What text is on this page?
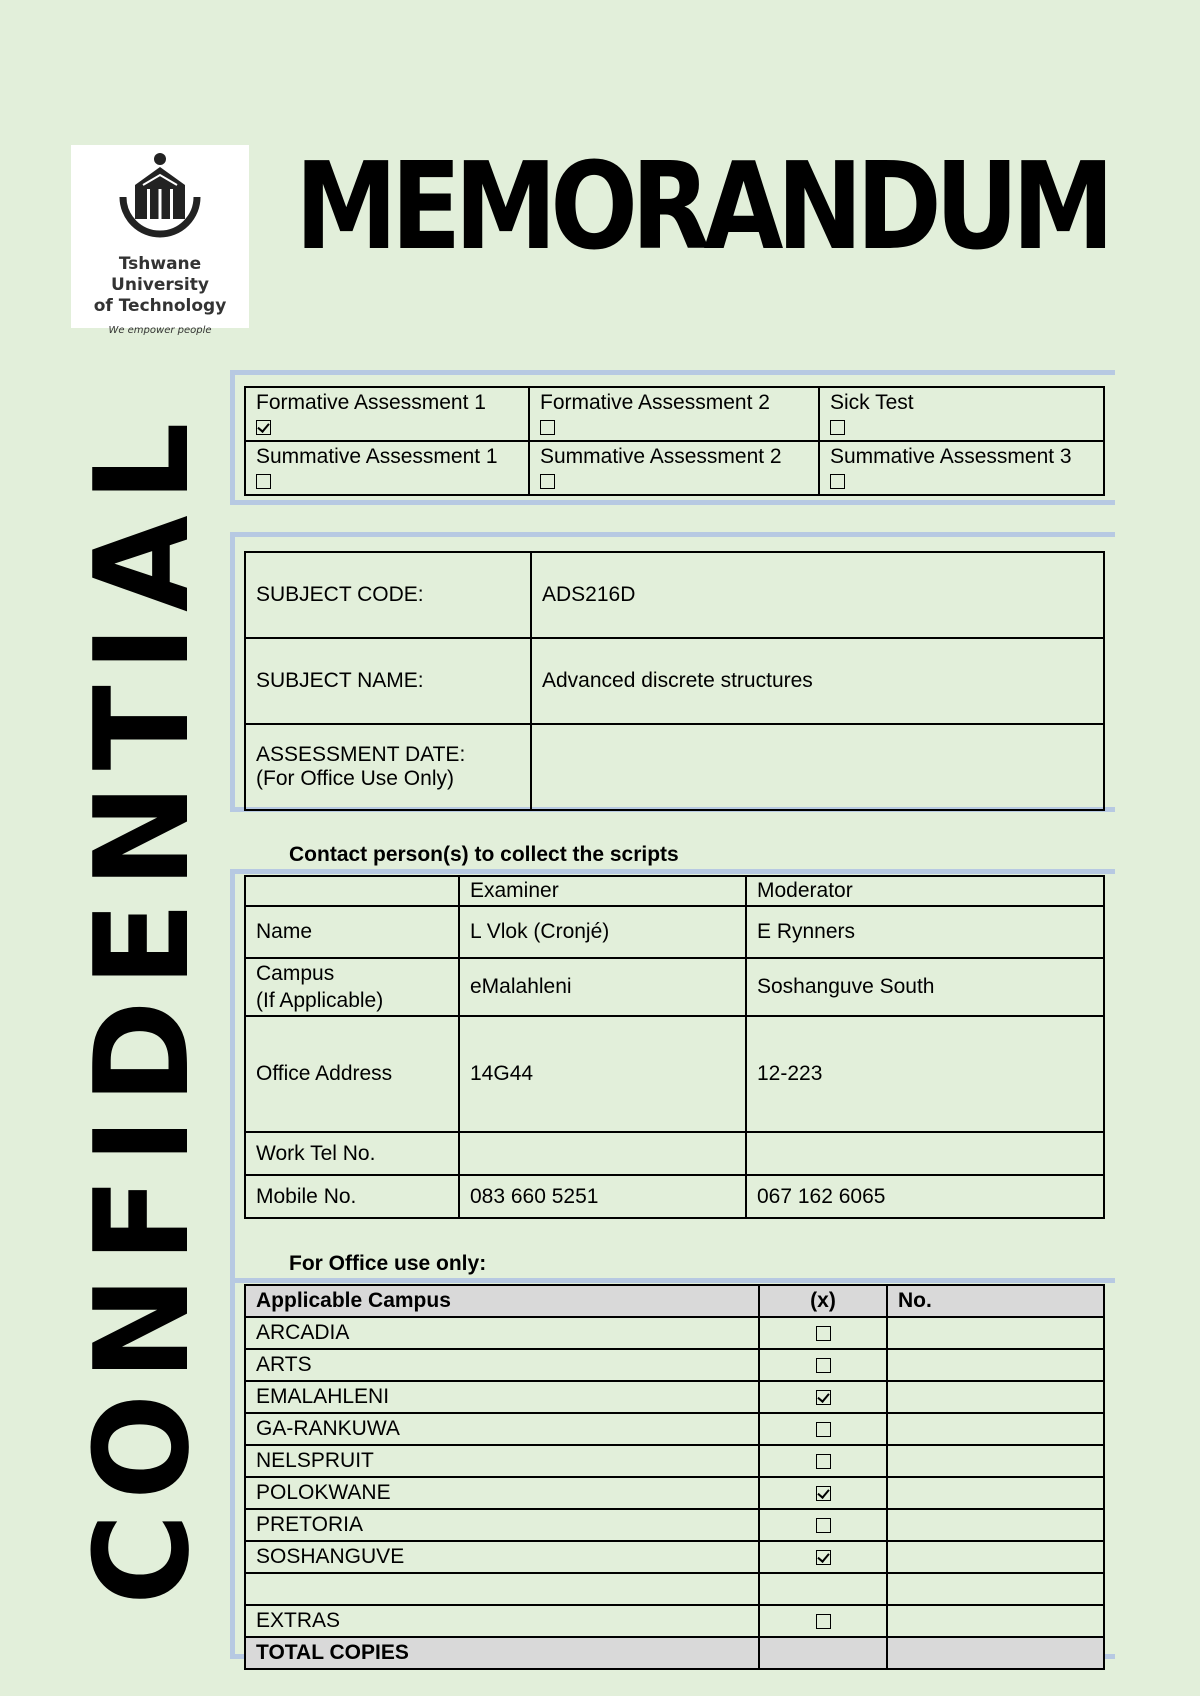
Tshwane University
of Technology
We empower people
MEMORANDUM
CONFIDENTIAL
Formative Assessment 1	Formative Assessment 2	Sick Test

Summative Assessment 1	Summative Assessment 2	Summative Assessment 3
SUBJECT CODE:	ADS216D
SUBJECT NAME:	Advanced discrete structures

ASSESSMENT DATE:
(For Office Use Only)	

Contact person(s) to collect the scripts
	Examiner	Moderator
Name	L Vlok (Cronjé)	E Rynners

Campus
(If Applicable)	eMalahleni	Soshanguve South
Office Address	14G44	12-223
Work Tel No.		
Mobile No.	083 660 5251	067 162 6065
For Office use only:
Applicable Campus	(x)	No.
ARCADIA		
ARTS		
EMALAHLENI		
GA-RANKUWA		
NELSPRUIT		
POLOKWANE		
PRETORIA		
SOSHANGUVE		

EXTRAS		
TOTAL COPIES		
